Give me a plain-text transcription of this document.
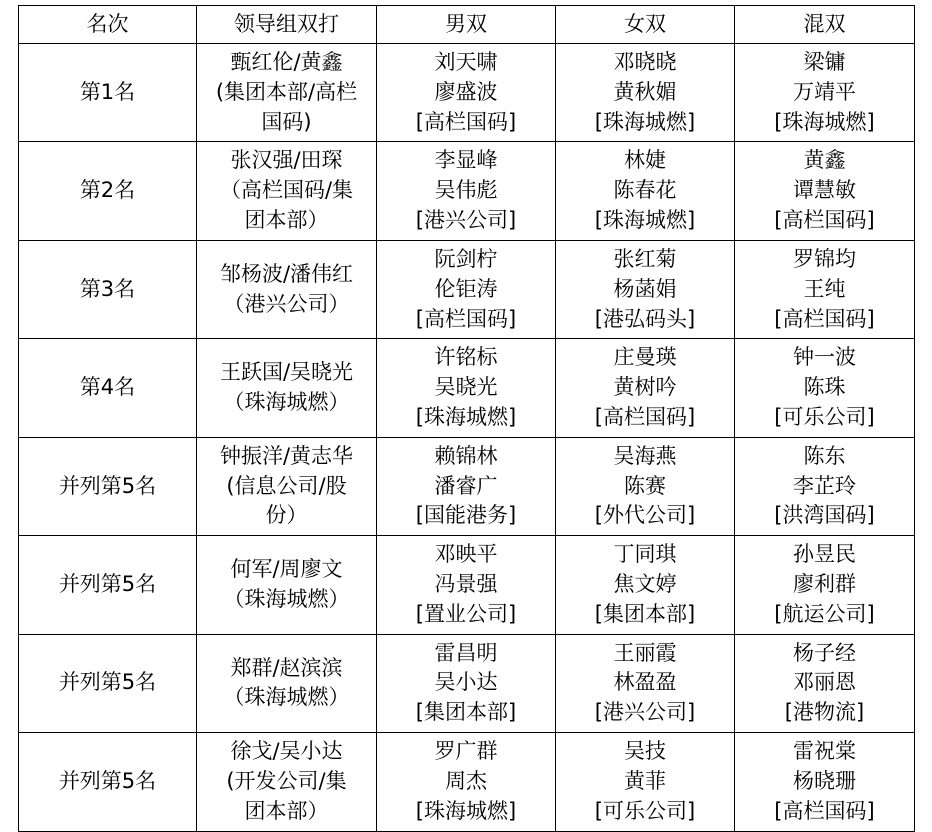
名次	领导组双打	男双	女双	混双
第1名	甄红伦/黄鑫
(集团本部/高栏
国码)	刘天啸
廖盛波
[高栏国码]	邓晓晓
黄秋媚
[珠海城燃]	梁镛
万靖平
[珠海城燃]

第2名	张汉强/田琛
（高栏国码/集
团本部）	李显峰
吴伟彪
[港兴公司]	林婕
陈春花
[珠海城燃]	黄鑫
谭慧敏
[高栏国码]

第3名	邹杨波/潘伟红
（港兴公司）	阮剑柠
伦钜涛
[高栏国码]	张红菊
杨菡娟
[港弘码头]	罗锦均
王纯
[高栏国码]

第4名	王跃国/吴晓光
（珠海城燃）	许铭标
吴晓光
[珠海城燃]	庄曼瑛
黄树吟
[高栏国码]	钟一波
陈珠
[可乐公司]

并列第5名	钟振洋/黄志华
(信息公司/股
份）	赖锦林
潘睿广
[国能港务]	吴海燕
陈赛
[外代公司]	陈东
李芷玲
[洪湾国码]

并列第5名	何军/周廖文
（珠海城燃）	邓映平
冯景强
[置业公司]	丁同琪
焦文婷
[集团本部]	孙昱民
廖利群
[航运公司]

并列第5名	郑群/赵滨滨
（珠海城燃）	雷昌明
吴小达
[集团本部]	王丽霞
林盈盈
[港兴公司]	杨子经
邓丽恩
[港物流]

并列第5名	徐戈/吴小达
(开发公司/集
团本部）	罗广群
周杰
[珠海城燃]	吴技
黄菲
[可乐公司]	雷祝棠
杨晓珊
[高栏国码]
